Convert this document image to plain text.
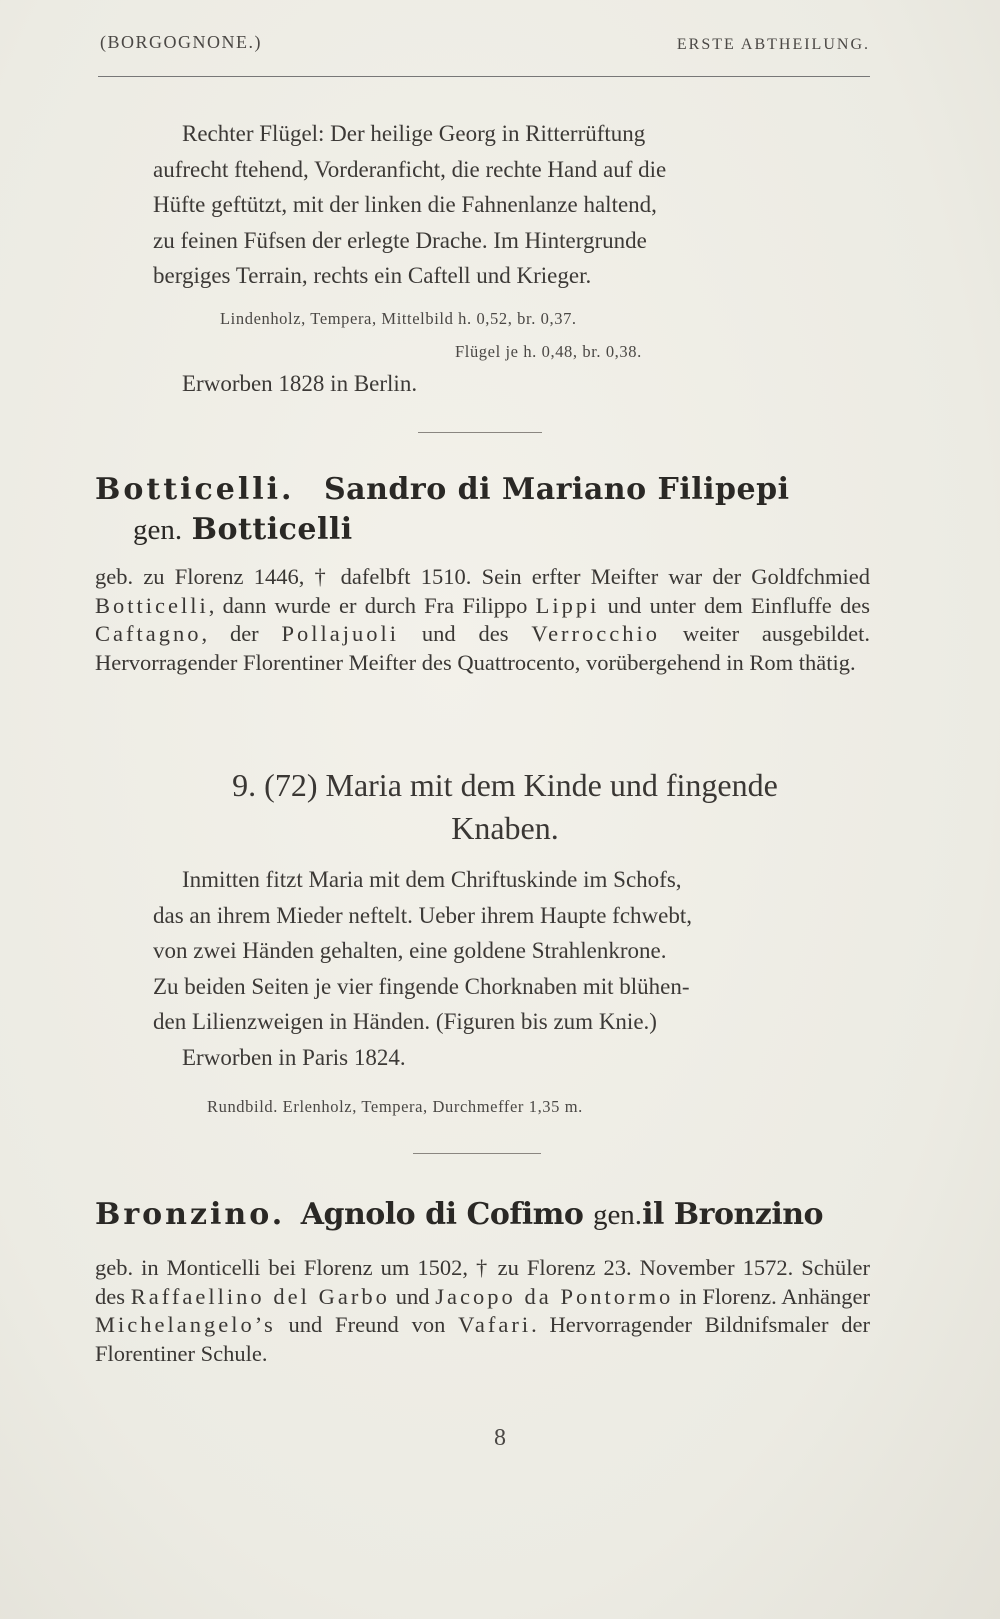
(BORGOGNONE.)	ERSTE ABTHEILUNG.
Rechter Flügel: Der heilige Georg in Ritterrüftung
aufrecht ftehend, Vorderanficht, die rechte Hand auf die
Hüfte geftützt, mit der linken die Fahnenlanze haltend,
zu feinen Füfsen der erlegte Drache. Im Hintergrunde
bergiges Terrain, rechts ein Caftell und Krieger.
Lindenholz, Tempera, Mittelbild h. 0,52, br. 0,37.
Flügel je h. 0,48, br. 0,38.
Erworben 1828 in Berlin.
Botticelli. Sandro di Mariano Filipepi
gen. Botticelli
geb. zu Florenz 1446, † dafelbft 1510. Sein erfter Meifter war der Goldfchmied Botticelli, dann wurde er durch Fra Filippo Lippi und unter dem Einfluffe des Caftagno, der Pollajuoli und des Verrocchio weiter ausgebildet. Hervorragender Florentiner Meifter des Quattrocento, vorübergehend in Rom thätig.
9. (72) Maria mit dem Kinde und fingende
Knaben.
Inmitten fitzt Maria mit dem Chriftuskinde im Schofs,
das an ihrem Mieder neftelt. Ueber ihrem Haupte fchwebt,
von zwei Händen gehalten, eine goldene Strahlenkrone.
Zu beiden Seiten je vier fingende Chorknaben mit blühen-
den Lilienzweigen in Händen. (Figuren bis zum Knie.)
Erworben in Paris 1824.
Rundbild. Erlenholz, Tempera, Durchmeffer 1,35 m.
Bronzino. Agnolo di Cofimo gen.il Bronzino
geb. in Monticelli bei Florenz um 1502, † zu Florenz 23. November 1572. Schüler des Raffaellino del Garbo und Jacopo da Pontormo in Florenz. Anhänger Michelangelo’s und Freund von Vafari. Hervorragender Bildnifsmaler der Florentiner Schule.
8
